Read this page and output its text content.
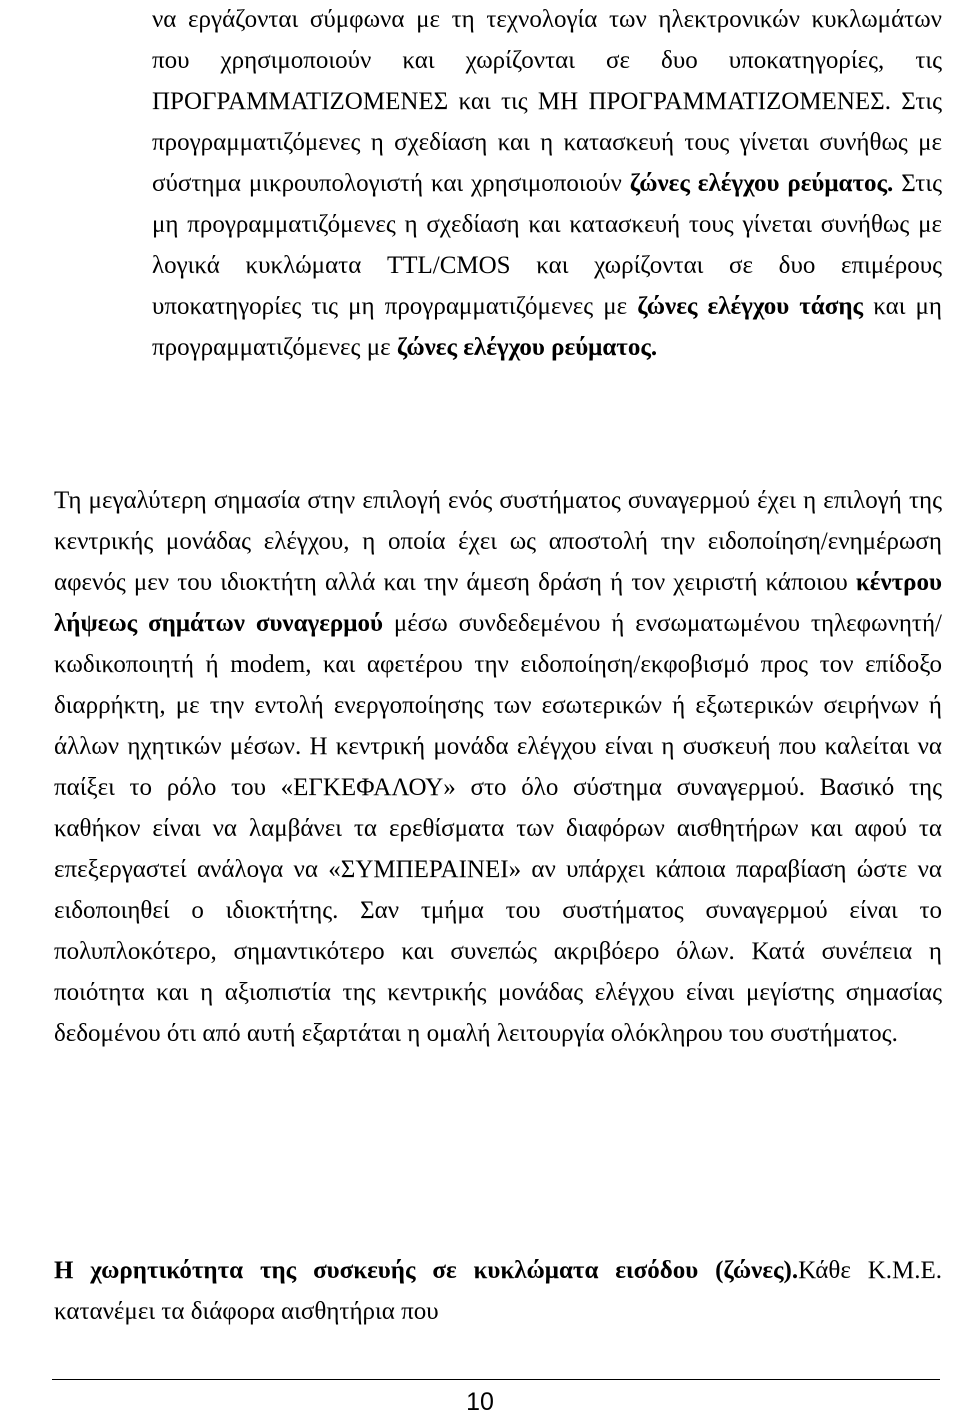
να εργάζονται σύμφωνα με τη τεχνολογία των ηλεκτρονικών κυκλωμάτων που χρησιμοποιούν και χωρίζονται σε δυο υποκατηγορίες, τις ΠΡΟΓΡΑΜΜΑΤΙΖΟΜΕΝΕΣ και τις ΜΗ ΠΡΟΓΡΑΜΜΑΤΙΖΟΜΕΝΕΣ. Στις προγραμματιζόμενες η σχεδίαση και η κατασκευή τους γίνεται συνήθως με σύστημα μικρουπολογιστή και χρησιμοποιούν ζώνες ελέγχου ρεύματος. Στις μη προγραμματιζόμενες η σχεδίαση και κατασκευή τους γίνεται συνήθως με λογικά κυκλώματα TTL/CMOS και χωρίζονται σε δυο επιμέρους υποκατηγορίες τις μη προγραμματιζόμενες με ζώνες ελέγχου τάσης και μη προγραμματιζόμενες με ζώνες ελέγχου ρεύματος.

Τη μεγαλύτερη σημασία στην επιλογή ενός συστήματος συναγερμού έχει η επιλογή της κεντρικής μονάδας ελέγχου, η οποία έχει ως αποστολή την ειδοποίηση/ενημέρωση αφενός μεν του ιδιοκτήτη αλλά και την άμεση δράση ή τον χειριστή κάποιου κέντρου λήψεως σημάτων συναγερμού μέσω συνδεδεμένου ή ενσωματωμένου τηλεφωνητή/κωδικοποιητή ή modem, και αφετέρου την ειδοποίηση/εκφοβισμό προς τον επίδοξο διαρρήκτη, με την εντολή ενεργοποίησης των εσωτερικών ή εξωτερικών σειρήνων ή άλλων ηχητικών μέσων. Η κεντρική μονάδα ελέγχου είναι η συσκευή που καλείται να παίξει το ρόλο του «ΕΓΚΕΦΑΛΟΥ» στο όλο σύστημα συναγερμού. Βασικό της καθήκον είναι να λαμβάνει τα ερεθίσματα των διαφόρων αισθητήρων και αφού τα επεξεργαστεί ανάλογα να «ΣΥΜΠΕΡΑΙΝΕΙ» αν υπάρχει κάποια παραβίαση ώστε να ειδοποιηθεί ο ιδιοκτήτης. Σαν τμήμα του συστήματος συναγερμού είναι το πολυπλοκότερο, σημαντικότερο και συνεπώς ακριβόερο όλων. Κατά συνέπεια η ποιότητα και η αξιοπιστία της κεντρικής μονάδας ελέγχου είναι μεγίστης σημασίας δεδομένου ότι από αυτή εξαρτάται η ομαλή λειτουργία ολόκληρου του συστήματος.

Η χωρητικότητα της συσκευής σε κυκλώματα εισόδου (ζώνες).Κάθε Κ.Μ.Ε. κατανέμει τα διάφορα αισθητήρια που

10
